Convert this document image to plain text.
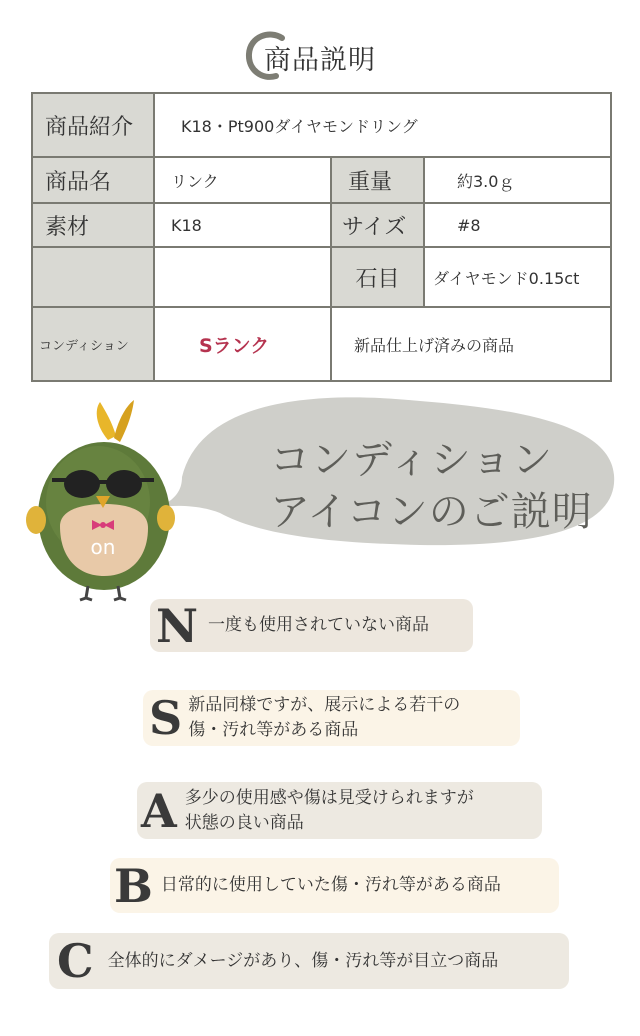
商品説明
商品紹介	K18・Pt900ダイヤモンドリング		
商品名	リンク	重量	約3.0ｇ
素材	K18	サイズ	#8
		石目	ダイヤモンド0.15ct
コンディション	Sランク	新品仕上げ済みの商品	
コンディション
アイコンのご説明
on
N 一度も使用されていない商品
S 新品同様ですが、展示による若干の
傷・汚れ等がある商品
A 多少の使用感や傷は見受けられますが
状態の良い商品
B 日常的に使用していた傷・汚れ等がある商品
C 全体的にダメージがあり、傷・汚れ等が目立つ商品
